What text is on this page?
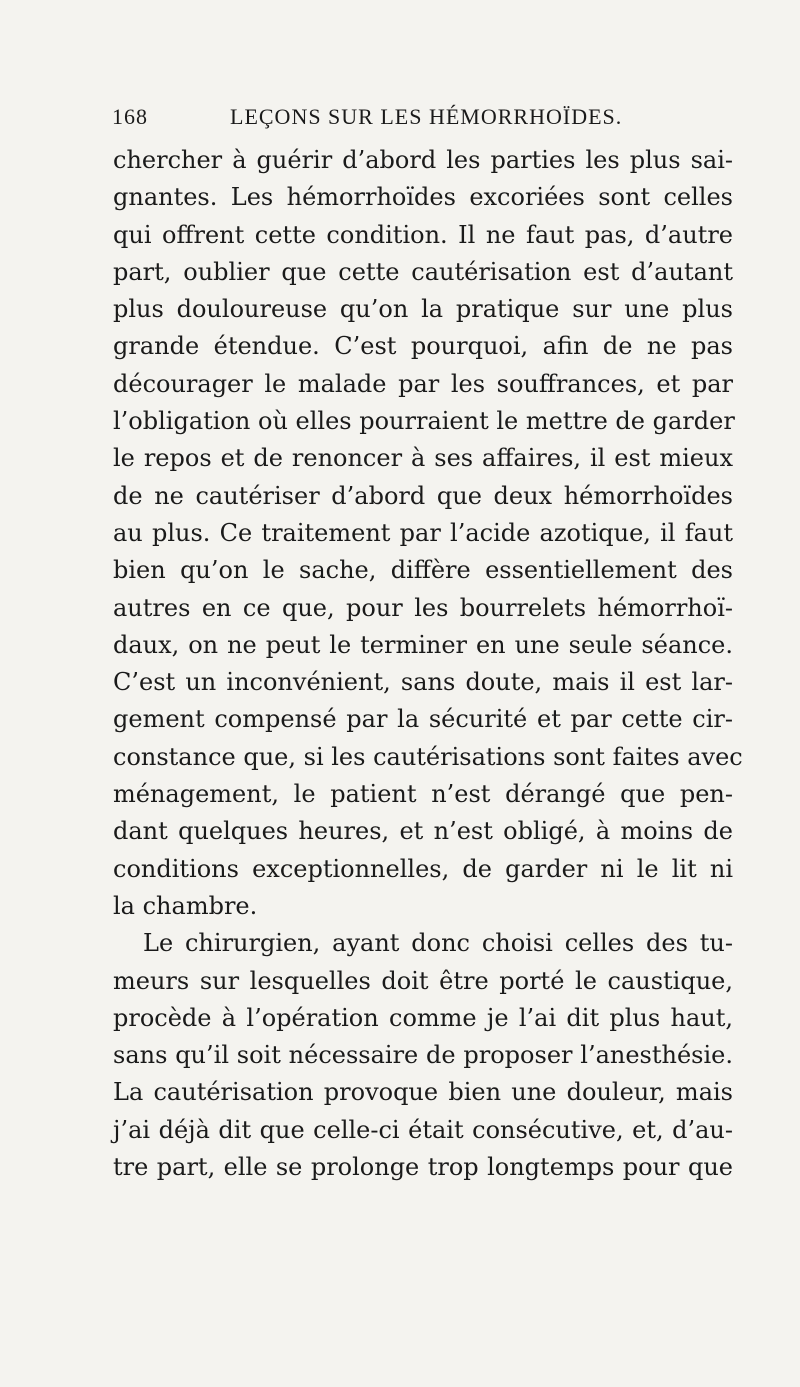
168	LEÇONS SUR LES HÉMORRHOÏDES.
chercher à guérir d’abord les parties les plus sai-
gnantes. Les hémorrhoïdes excoriées sont celles
qui offrent cette condition. Il ne faut pas, d’autre
part, oublier que cette cautérisation est d’autant
plus douloureuse qu’on la pratique sur une plus
grande étendue. C’est pourquoi, afin de ne pas
décourager le malade par les souffrances, et par
l’obligation où elles pourraient le mettre de garder
le repos et de renoncer à ses affaires, il est mieux
de ne cautériser d’abord que deux hémorrhoïdes
au plus. Ce traitement par l’acide azotique, il faut
bien qu’on le sache, diffère essentiellement des
autres en ce que, pour les bourrelets hémorrhoï-
daux, on ne peut le terminer en une seule séance.
C’est un inconvénient, sans doute, mais il est lar-
gement compensé par la sécurité et par cette cir-
constance que, si les cautérisations sont faites avec
ménagement, le patient n’est dérangé que pen-
dant quelques heures, et n’est obligé, à moins de
conditions exceptionnelles, de garder ni le lit ni
la chambre.
Le chirurgien, ayant donc choisi celles des tu-
meurs sur lesquelles doit être porté le caustique,
procède à l’opération comme je l’ai dit plus haut,
sans qu’il soit nécessaire de proposer l’anesthésie.
La cautérisation provoque bien une douleur, mais
j’ai déjà dit que celle-ci était consécutive, et, d’au-
tre part, elle se prolonge trop longtemps pour que
